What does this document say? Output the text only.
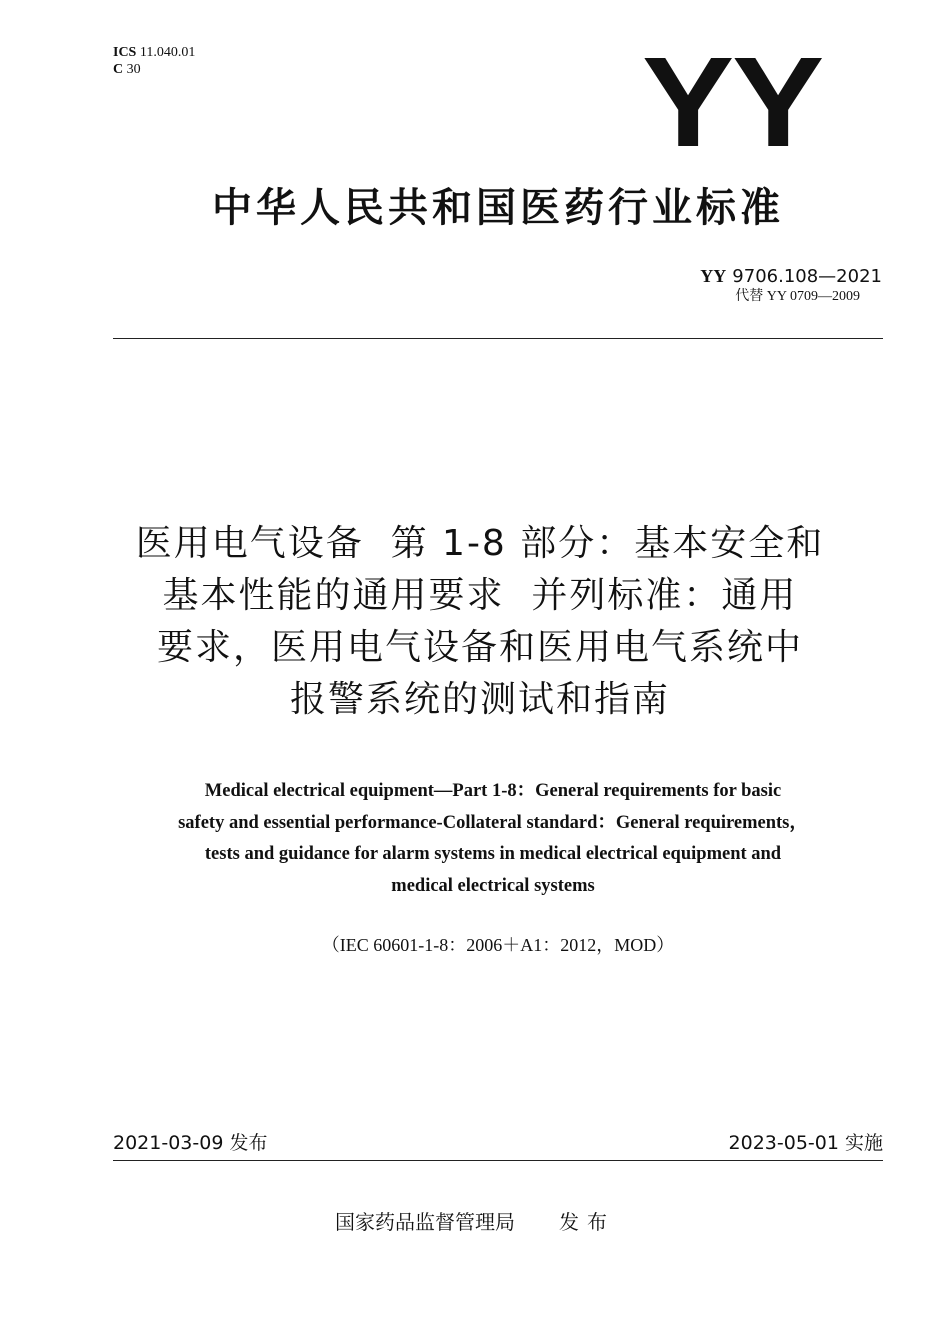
ICS 11.040.01
C 30	YY
中华人民共和国医药行业标准
YY 9706.108—2021
代替 YY 0709—2009
医用电气设备  第 1-8 部分：基本安全和
基本性能的通用要求  并列标准：通用
要求，医用电气设备和医用电气系统中
报警系统的测试和指南
Medical electrical equipment—Part 1-8：General requirements for basic
safety and essential performance-Collateral standard：General requirements，
tests and guidance for alarm systems in medical electrical equipment and
medical electrical systems
（IEC 60601-1-8：2006＋A1：2012，MOD）
2021-03-09 发布	2023-05-01 实施
国家药品监督管理局 发布
